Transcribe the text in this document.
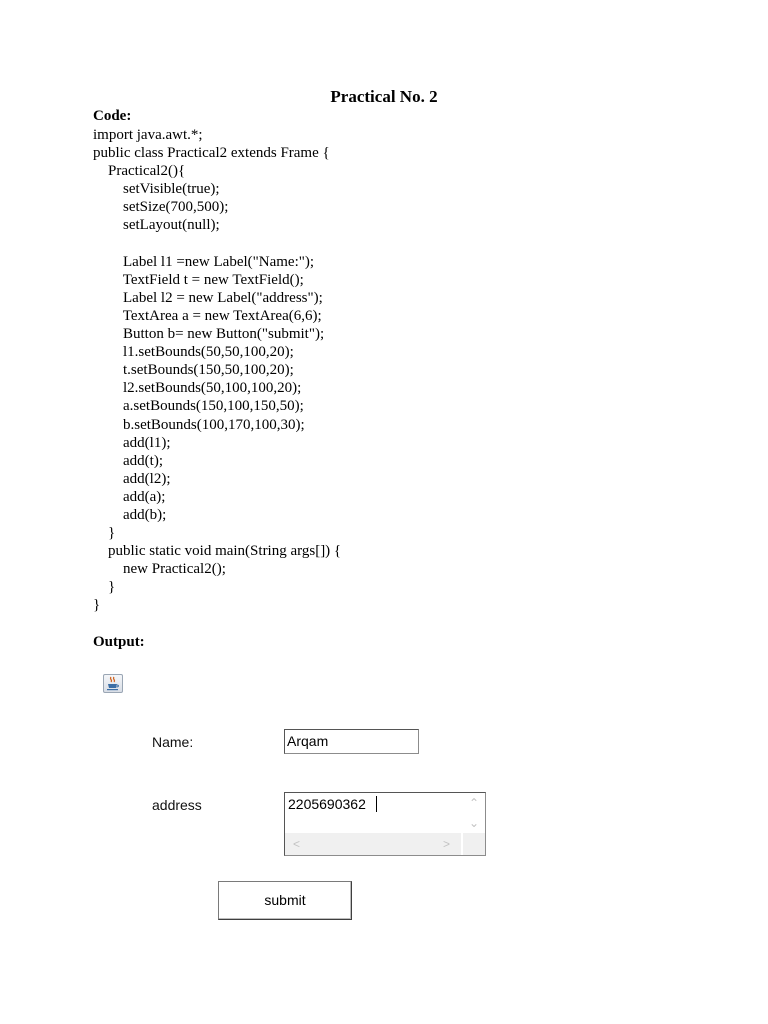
Practical No. 2
Code:
import java.awt.*;
public class Practical2 extends Frame {
Practical2(){
setVisible(true);
setSize(700,500);
setLayout(null);
Label l1 =new Label("Name:");
TextField t = new TextField();
Label l2 = new Label("address");
TextArea a = new TextArea(6,6);
Button b= new Button("submit");
l1.setBounds(50,50,100,20);
t.setBounds(150,50,100,20);
l2.setBounds(50,100,100,20);
a.setBounds(150,100,150,50);
b.setBounds(100,170,100,30);
add(l1);
add(t);
add(l2);
add(a);
add(b);
}
public static void main(String args[]) {
new Practical2();
}
}
Output:
Name:	Arqam
address	2205690362	⌃
⌄
<	>
submit
